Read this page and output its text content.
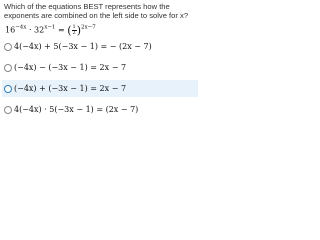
Which of the equations BEST represents how the exponents are combined on the left side to solve for x?

$16^{-4x} \cdot 32^{x-1}$ = ( $\frac{1}{2} )^{2x-7}$
4(−4x) + 5(−3x − 1) = − (2x − 7)
(−4x) − (−3x − 1) = 2x − 7
(−4x) + (−3x − 1) = 2x − 7
4(−4x) · 5(−3x − 1) = (2x − 7)
